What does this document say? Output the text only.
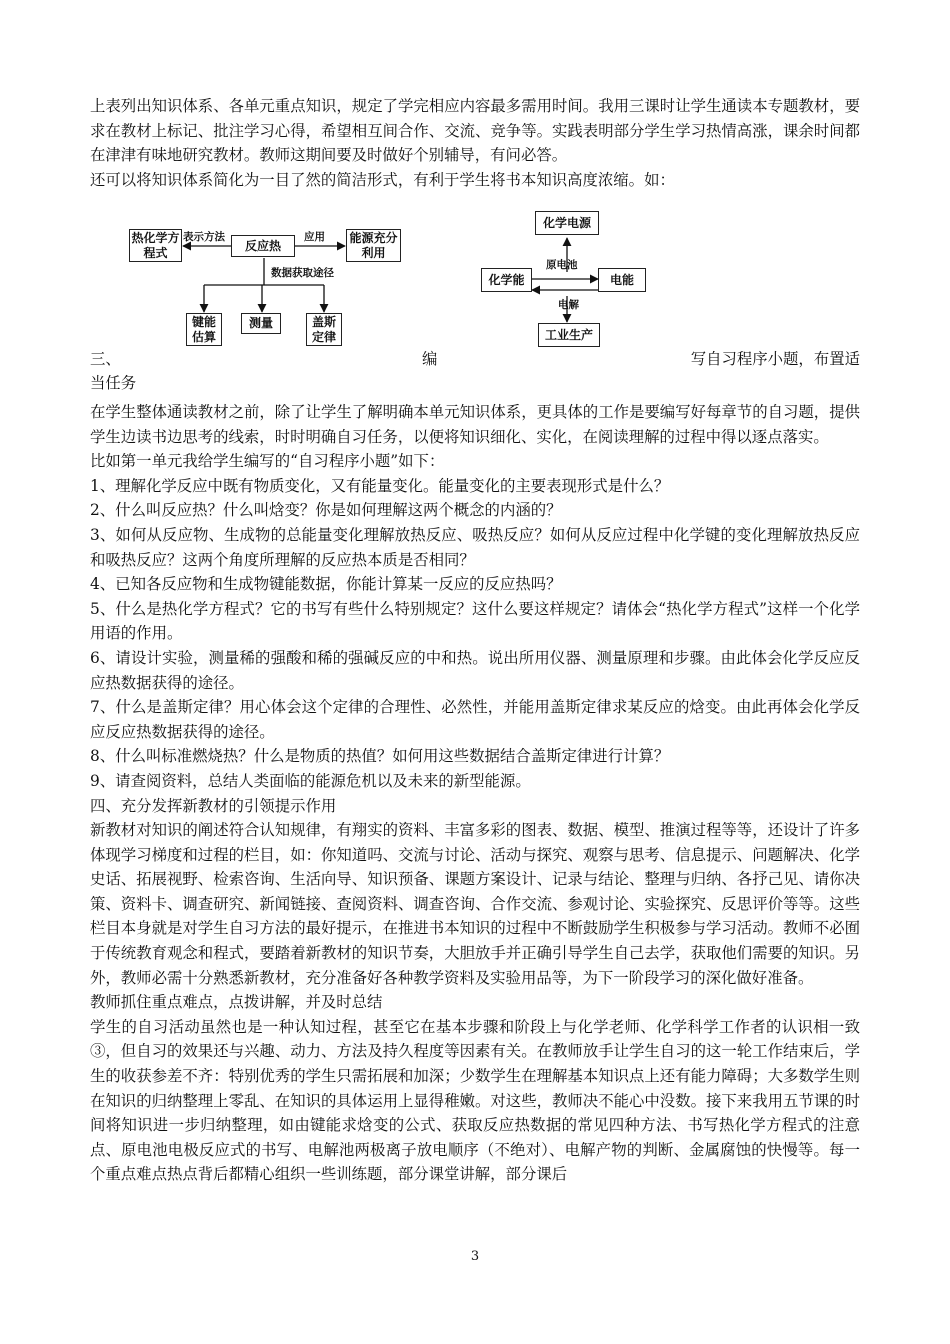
上表列出知识体系、各单元重点知识，规定了学完相应内容最多需用时间。我用三课时让学生通读本专题教材，要求在教材上标记、批注学习心得，希望相互间合作、交流、竞争等。实践表明部分学生学习热情高涨，课余时间都在津津有味地研究教材。教师这期间要及时做好个别辅导，有问必答。

还可以将知识体系简化为一目了然的简洁形式，有利于学生将书本知识高度浓缩。如：

热化学方程式	反应热
能源充分利用
键能估算
测量	盖斯定律
表示方法	应用
数据获取途径
化学电源
化学能	电能
工业生产
原电池
电解
三、	编	写自习程序小题，布置适
当任务

在学生整体通读教材之前，除了让学生了解明确本单元知识体系，更具体的工作是要编写好每章节的自习题，提供学生边读书边思考的线索，时时明确自习任务，以便将知识细化、实化，在阅读理解的过程中得以逐点落实。

比如第一单元我给学生编写的“自习程序小题”如下：

1、理解化学反应中既有物质变化，又有能量变化。能量变化的主要表现形式是什么？

2、什么叫反应热？什么叫焓变？你是如何理解这两个概念的内涵的？

3、如何从反应物、生成物的总能量变化理解放热反应、吸热反应？如何从反应过程中化学键的变化理解放热反应和吸热反应？这两个角度所理解的反应热本质是否相同？

4、已知各反应物和生成物键能数据，你能计算某一反应的反应热吗？

5、什么是热化学方程式？它的书写有些什么特别规定？这什么要这样规定？请体会“热化学方程式”这样一个化学用语的作用。

6、请设计实验，测量稀的强酸和稀的强碱反应的中和热。说出所用仪器、测量原理和步骤。由此体会化学反应反应热数据获得的途径。

7、什么是盖斯定律？用心体会这个定律的合理性、必然性，并能用盖斯定律求某反应的焓变。由此再体会化学反应反应热数据获得的途径。

8、什么叫标准燃烧热？什么是物质的热值？如何用这些数据结合盖斯定律进行计算？

9、请查阅资料，总结人类面临的能源危机以及未来的新型能源。

四、充分发挥新教材的引领提示作用

新教材对知识的阐述符合认知规律，有翔实的资料、丰富多彩的图表、数据、模型、推演过程等等，还设计了许多体现学习梯度和过程的栏目，如：你知道吗、交流与讨论、活动与探究、观察与思考、信息提示、问题解决、化学史话、拓展视野、检索咨询、生活向导、知识预备、课题方案设计、记录与结论、整理与归纳、各抒己见、请你决策、资料卡、调查研究、新闻链接、查阅资料、调查咨询、合作交流、参观讨论、实验探究、反思评价等等。这些栏目本身就是对学生自习方法的最好提示，在推进书本知识的过程中不断鼓励学生积极参与学习活动。教师不必囿于传统教育观念和程式，要踏着新教材的知识节奏，大胆放手并正确引导学生自己去学，获取他们需要的知识。另外，教师必需十分熟悉新教材，充分准备好各种教学资料及实验用品等，为下一阶段学习的深化做好准备。

教师抓住重点难点，点拨讲解，并及时总结

学生的自习活动虽然也是一种认知过程，甚至它在基本步骤和阶段上与化学老师、化学科学工作者的认识相一致③，但自习的效果还与兴趣、动力、方法及持久程度等因素有关。在教师放手让学生自习的这一轮工作结束后，学生的收获参差不齐：特别优秀的学生只需拓展和加深；少数学生在理解基本知识点上还有能力障碍；大多数学生则在知识的归纳整理上零乱、在知识的具体运用上显得稚嫩。对这些，教师决不能心中没数。接下来我用五节课的时间将知识进一步归纳整理，如由键能求焓变的公式、获取反应热数据的常见四种方法、书写热化学方程式的注意点、原电池电极反应式的书写、电解池两极离子放电顺序（不绝对）、电解产物的判断、金属腐蚀的快慢等。每一个重点难点热点背后都精心组织一些训练题，部分课堂讲解，部分课后

3
